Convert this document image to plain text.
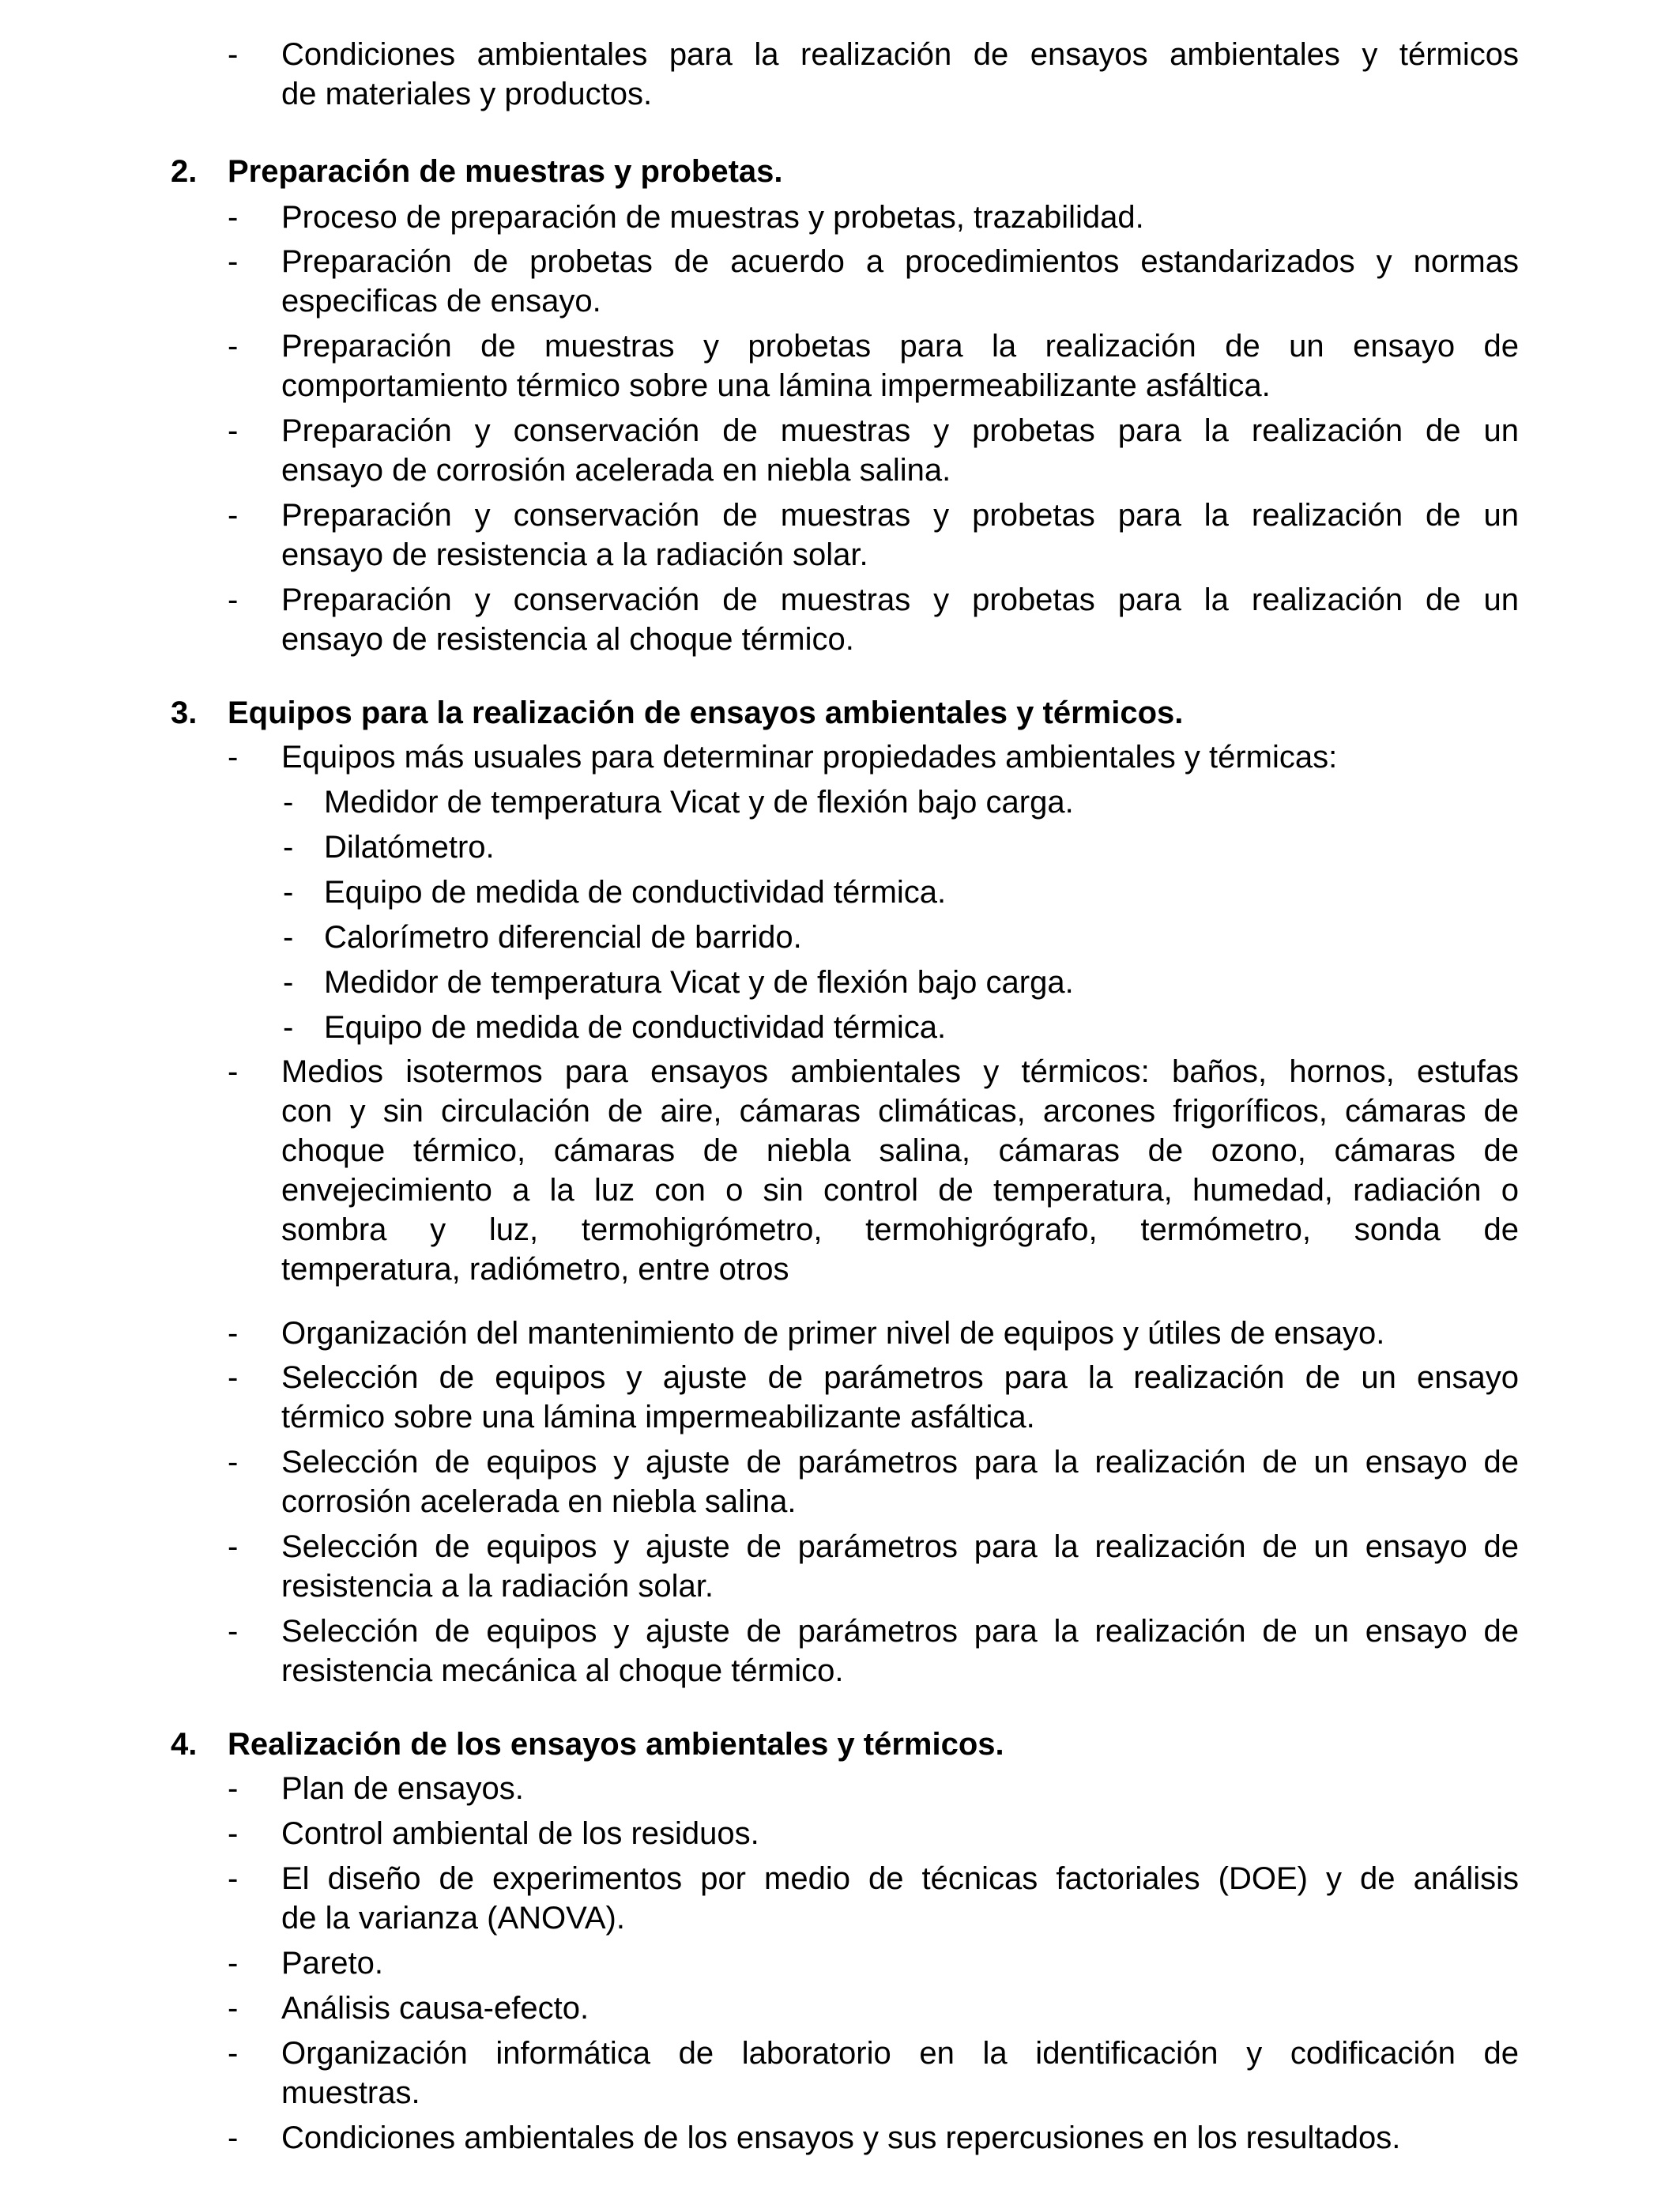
- Condiciones ambientales para la realización de ensayos ambientales y térmicos
de materiales y productos.
2. Preparación de muestras y probetas.
- Proceso de preparación de muestras y probetas, trazabilidad.
- Preparación de probetas de acuerdo a procedimientos estandarizados y normas
especificas de ensayo.
- Preparación de muestras y probetas para la realización de un ensayo de
comportamiento térmico sobre una lámina impermeabilizante asfáltica.
- Preparación y conservación de muestras y probetas para la realización de un
ensayo de corrosión acelerada en niebla salina.
- Preparación y conservación de muestras y probetas para la realización de un
ensayo de resistencia a la radiación solar.
- Preparación y conservación de muestras y probetas para la realización de un
ensayo de resistencia al choque térmico.
3. Equipos para la realización de ensayos ambientales y térmicos.
- Equipos más usuales para determinar propiedades ambientales y térmicas:
- Medidor de temperatura Vicat y de flexión bajo carga.
- Dilatómetro.
- Equipo de medida de conductividad térmica.
- Calorímetro diferencial de barrido.
- Medidor de temperatura Vicat y de flexión bajo carga.
- Equipo de medida de conductividad térmica.
- Medios isotermos para ensayos ambientales y térmicos: baños, hornos, estufas
con y sin circulación de aire, cámaras climáticas, arcones frigoríficos, cámaras de
choque térmico, cámaras de niebla salina, cámaras de ozono, cámaras de
envejecimiento a la luz con o sin control de temperatura, humedad, radiación o
sombra y luz, termohigrómetro, termohigrógrafo, termómetro, sonda de
temperatura, radiómetro, entre otros
- Organización del mantenimiento de primer nivel de equipos y útiles de ensayo.
- Selección de equipos y ajuste de parámetros para la realización de un ensayo
térmico sobre una lámina impermeabilizante asfáltica.
- Selección de equipos y ajuste de parámetros para la realización de un ensayo de
corrosión acelerada en niebla salina.
- Selección de equipos y ajuste de parámetros para la realización de un ensayo de
resistencia a la radiación solar.
- Selección de equipos y ajuste de parámetros para la realización de un ensayo de
resistencia mecánica al choque térmico.
4. Realización de los ensayos ambientales y térmicos.
- Plan de ensayos.
- Control ambiental de los residuos.
- El diseño de experimentos por medio de técnicas factoriales (DOE) y de análisis
de la varianza (ANOVA).
- Pareto.
- Análisis causa-efecto.
- Organización informática de laboratorio en la identificación y codificación de
muestras.
- Condiciones ambientales de los ensayos y sus repercusiones en los resultados.
